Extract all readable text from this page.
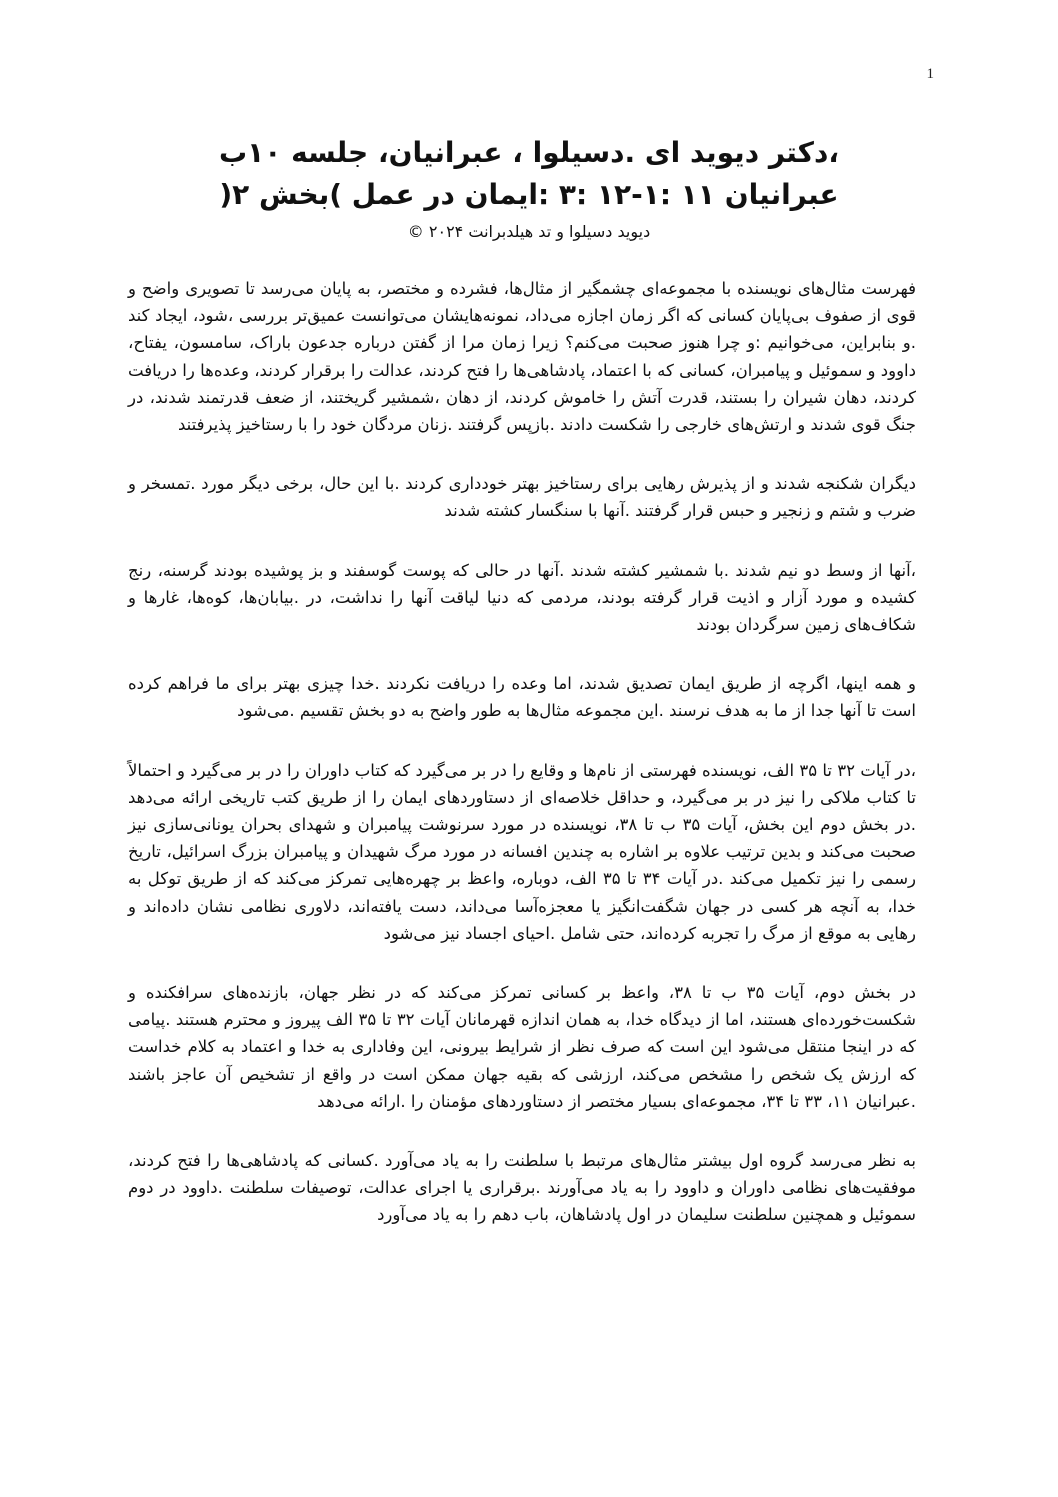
1
،دکتر دیوید ای .دسیلوا ، عبرانیان، جلسه ۱۰ب
عبرانیان ۱۱ :۱-۱۲ :۳ :ایمان در عمل )بخش ۲(
دیوید دسیلوا و تد هیلدبرانت ۲۰۲۴ ©

فهرست مثال‌های نویسنده با مجموعه‌ای چشمگیر از مثال‌ها، فشرده و مختصر، به پایان می‌رسد تا تصویری واضح و قوی از صفوف بی‌پایان کسانی که اگر زمان اجازه می‌داد، نمونه‌هایشان می‌توانست عمیق‌تر بررسی ،شود، ایجاد کند .و بنابراین، می‌خوانیم :و چرا هنوز صحبت می‌کنم؟ زیرا زمان مرا از گفتن درباره جدعون باراک، سامسون، یفتاح، داوود و سموئیل و پیامبران، کسانی که با اعتماد، پادشاهی‌ها را فتح کردند، عدالت را برقرار کردند، وعده‌ها را دریافت کردند، دهان شیران را بستند، قدرت آتش را خاموش کردند، از دهان ،شمشیر گریختند، از ضعف قدرتمند شدند، در جنگ قوی شدند و ارتش‌های خارجی را شکست دادند .بازپس گرفتند .زنان مردگان خود را با رستاخیز پذیرفتند

دیگران شکنجه شدند و از پذیرش رهایی برای رستاخیز بهتر خودداری کردند .با این حال، برخی دیگر مورد .تمسخر و ضرب و شتم و زنجیر و حبس قرار گرفتند .آنها با سنگسار کشته شدند

،آنها از وسط دو نیم شدند .با شمشیر کشته شدند .آنها در حالی که پوست گوسفند و بز پوشیده بودند گرسنه، رنج کشیده و مورد آزار و اذیت قرار گرفته بودند، مردمی که دنیا لیاقت آنها را نداشت، در .بیابان‌ها، کوه‌ها، غارها و شکاف‌های زمین سرگردان بودند

و همه اینها، اگرچه از طریق ایمان تصدیق شدند، اما وعده را دریافت نکردند .خدا چیزی بهتر برای ما فراهم کرده است تا آنها جدا از ما به هدف نرسند .این مجموعه مثال‌ها به طور واضح به دو بخش تقسیم .می‌شود

،در آیات ۳۲ تا ۳۵ الف، نویسنده فهرستی از نام‌ها و وقایع را در بر می‌گیرد که کتاب داوران را در بر می‌گیرد و احتمالاً تا کتاب ملاکی را نیز در بر می‌گیرد، و حداقل خلاصه‌ای از دستاوردهای ایمان را از طریق کتب تاریخی ارائه می‌دهد .در بخش دوم این بخش، آیات ۳۵ ب تا ۳۸، نویسنده در مورد سرنوشت پیامبران و شهدای بحران یونانی‌سازی نیز صحبت می‌کند و بدین ترتیب علاوه بر اشاره به چندین افسانه در مورد مرگ شهیدان و پیامبران بزرگ اسرائیل، تاریخ رسمی را نیز تکمیل می‌کند .در آیات ۳۴ تا ۳۵ الف، دوباره، واعظ بر چهره‌هایی تمرکز می‌کند که از طریق توکل به خدا، به آنچه هر کسی در جهان شگفت‌انگیز یا معجزه‌آسا می‌داند، دست یافته‌اند، دلاوری نظامی نشان داده‌اند و رهایی به موقع از مرگ را تجربه کرده‌اند، حتی شامل .احیای اجساد نیز می‌شود

در بخش دوم، آیات ۳۵ ب تا ۳۸، واعظ بر کسانی تمرکز می‌کند که در نظر جهان، بازنده‌های سرافکنده و شکست‌خورده‌ای هستند، اما از دیدگاه خدا، به همان اندازه قهرمانان آیات ۳۲ تا ۳۵ الف پیروز و محترم هستند .پیامی که در اینجا منتقل می‌شود این است که صرف نظر از شرایط بیرونی، این وفاداری به خدا و اعتماد به کلام خداست که ارزش یک شخص را مشخص می‌کند، ارزشی که بقیه جهان ممکن است در واقع از تشخیص آن عاجز باشند .عبرانیان ۱۱، ۳۳ تا ۳۴، مجموعه‌ای بسیار مختصر از دستاوردهای مؤمنان را .ارائه می‌دهد

به نظر می‌رسد گروه اول بیشتر مثال‌های مرتبط با سلطنت را به یاد می‌آورد .کسانی که پادشاهی‌ها را فتح کردند، موفقیت‌های نظامی داوران و داوود را به یاد می‌آورند .برقراری یا اجرای عدالت، توصیفات سلطنت .داوود در دوم سموئیل و همچنین سلطنت سلیمان در اول پادشاهان، باب دهم را به یاد می‌آورد
